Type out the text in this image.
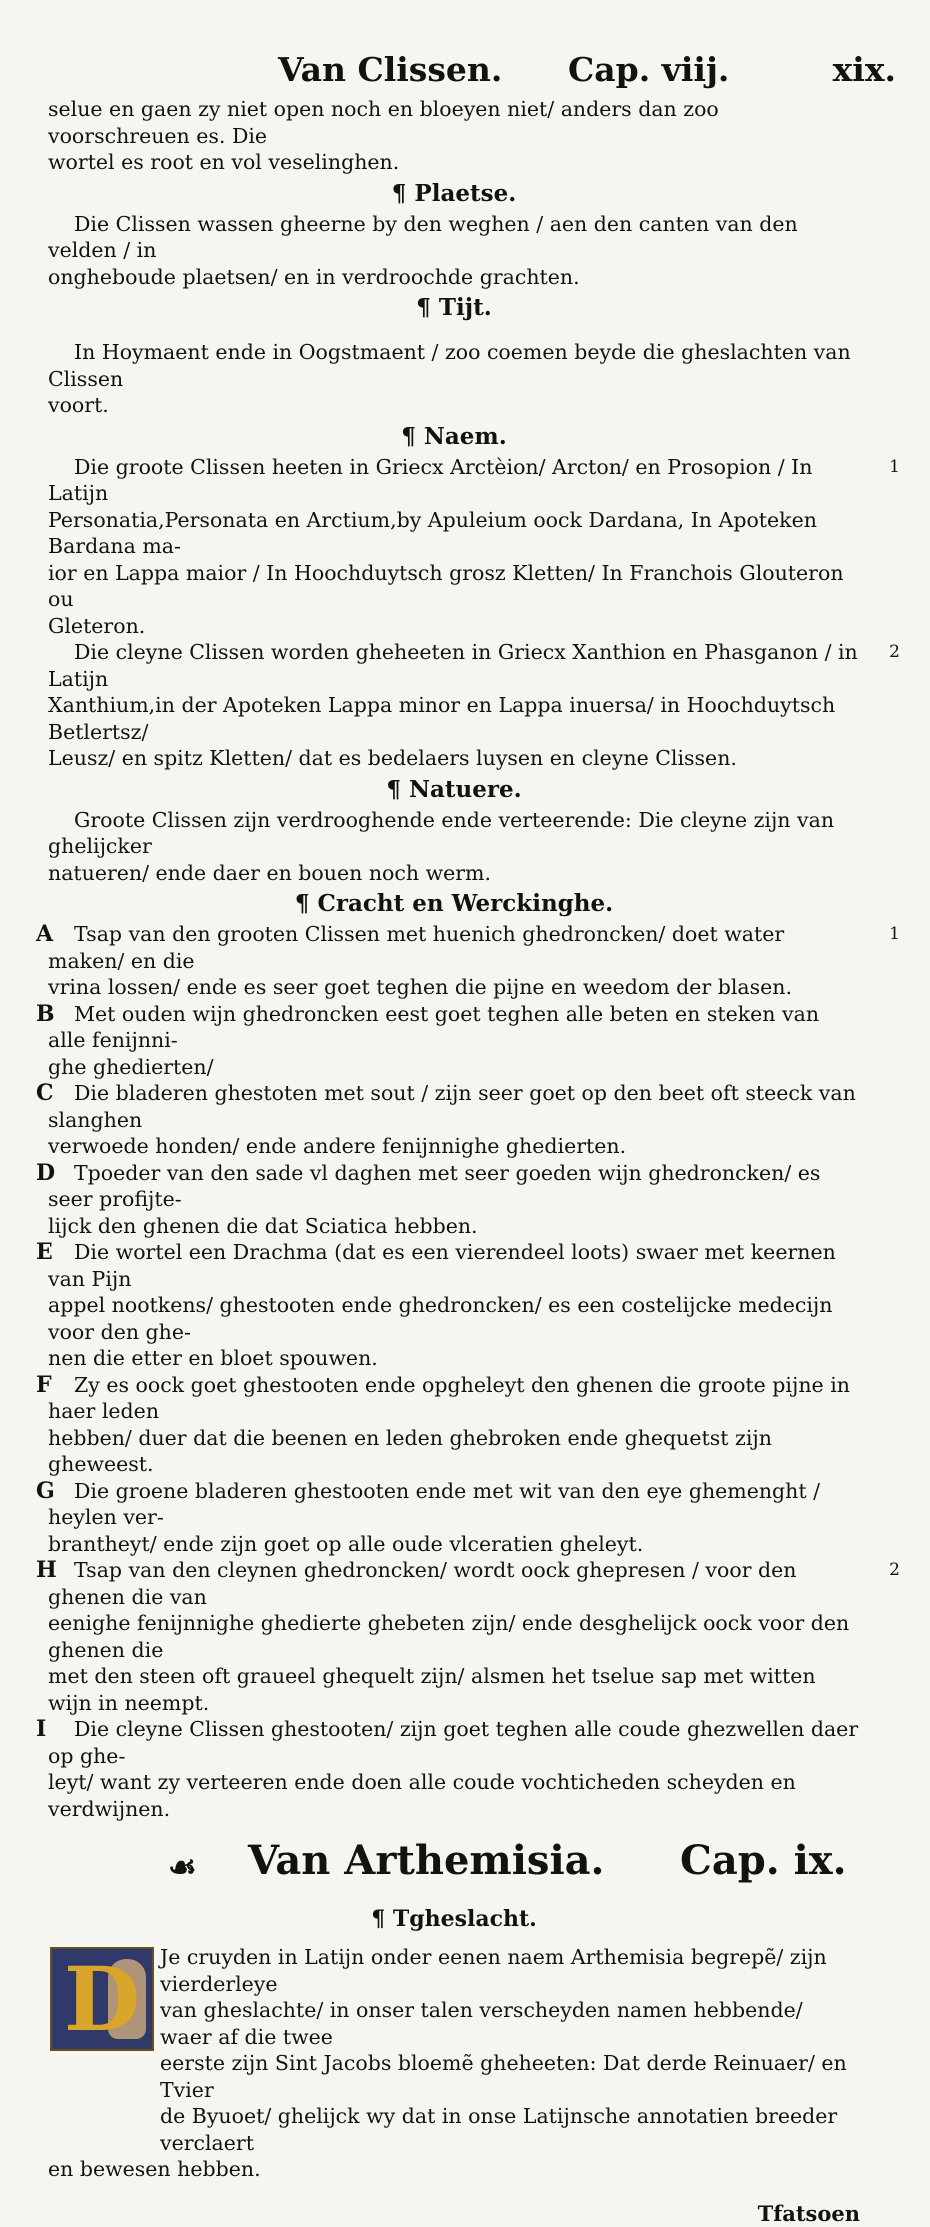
Van Clissen. Cap. viij.	xix.

selue en gaen zy niet open noch en bloeyen niet/ anders dan zoo voorschreuen es. Die
wortel es root en vol veselinghen.

¶ Plaetse.

Die Clissen wassen gheerne by den weghen / aen den canten van den velden / in
ongheboude plaetsen/ en in verdroochde grachten.

¶ Tijt.

In Hoymaent ende in Oogstmaent / zoo coemen beyde die gheslachten van Clissen
voort.

¶ Naem.

1
Die groote Clissen heeten in Griecx Arctèion/ Arcton/ en Prosopion / In Latijn
Personatia,Personata en Arctium,by Apuleium oock Dardana, In Apoteken Bardana ma-
ior en Lappa maior / In Hoochduytsch grosz Kletten/ In Franchois Glouteron ou
Gleteron.

2
Die cleyne Clissen worden gheheeten in Griecx Xanthion en Phasganon / in Latijn
Xanthium,in der Apoteken Lappa minor en Lappa inuersa/ in Hoochduytsch Betlertsz/
Leusz/ en spitz Kletten/ dat es bedelaers luysen en cleyne Clissen.

¶ Natuere.

Groote Clissen zijn verdrooghende ende verteerende: Die cleyne zijn van ghelijcker
natueren/ ende daer en bouen noch werm.

¶ Cracht en Werckinghe.

A	1
Tsap van den grooten Clissen met huenich ghedroncken/ doet water maken/ en die
vrina lossen/ ende es seer goet teghen die pijne en weedom der blasen.

B Met ouden wijn ghedroncken eest goet teghen alle beten en steken van alle fenijnni-
ghe ghedierten/

C Die bladeren ghestoten met sout / zijn seer goet op den beet oft steeck van slanghen
verwoede honden/ ende andere fenijnnighe ghedierten.

D Tpoeder van den sade vl daghen met seer goeden wijn ghedroncken/ es seer profijte-
lijck den ghenen die dat Sciatica hebben.

E Die wortel een Drachma (dat es een vierendeel loots) swaer met keernen van Pijn
appel nootkens/ ghestooten ende ghedroncken/ es een costelijcke medecijn voor den ghe-
nen die etter en bloet spouwen.

F Zy es oock goet ghestooten ende opgheleyt den ghenen die groote pijne in haer leden
hebben/ duer dat die beenen en leden ghebroken ende ghequetst zijn gheweest.

G Die groene bladeren ghestooten ende met wit van den eye ghemenght / heylen ver-
brantheyt/ ende zijn goet op alle oude vlceratien gheleyt.

H	2
Tsap van den cleynen ghedroncken/ wordt oock ghepresen / voor den ghenen die van
eenighe fenijnnighe ghedierte ghebeten zijn/ ende desghelijck oock voor den ghenen die
met den steen oft graueel ghequelt zijn/ alsmen het tselue sap met witten wijn in neempt.

I Die cleyne Clissen ghestooten/ zijn goet teghen alle coude ghezwellen daer op ghe-
leyt/ want zy verteeren ende doen alle coude vochticheden scheyden en verdwijnen.

☙ Van Arthemisia. Cap. ix.
¶ Tgheslacht.
D Je cruyden in Latijn onder eenen naem Arthemisia begrepẽ/ zijn vierderleye
van gheslachte/ in onser talen verscheyden namen hebbende/ waer af die twee
eerste zijn Sint Jacobs bloemẽ gheheeten: Dat derde Reinuaer/ en Tvier
de Byuoet/ ghelijck wy dat in onse Latijnsche annotatien breeder verclaert

en bewesen hebben.

Tfatsoen
